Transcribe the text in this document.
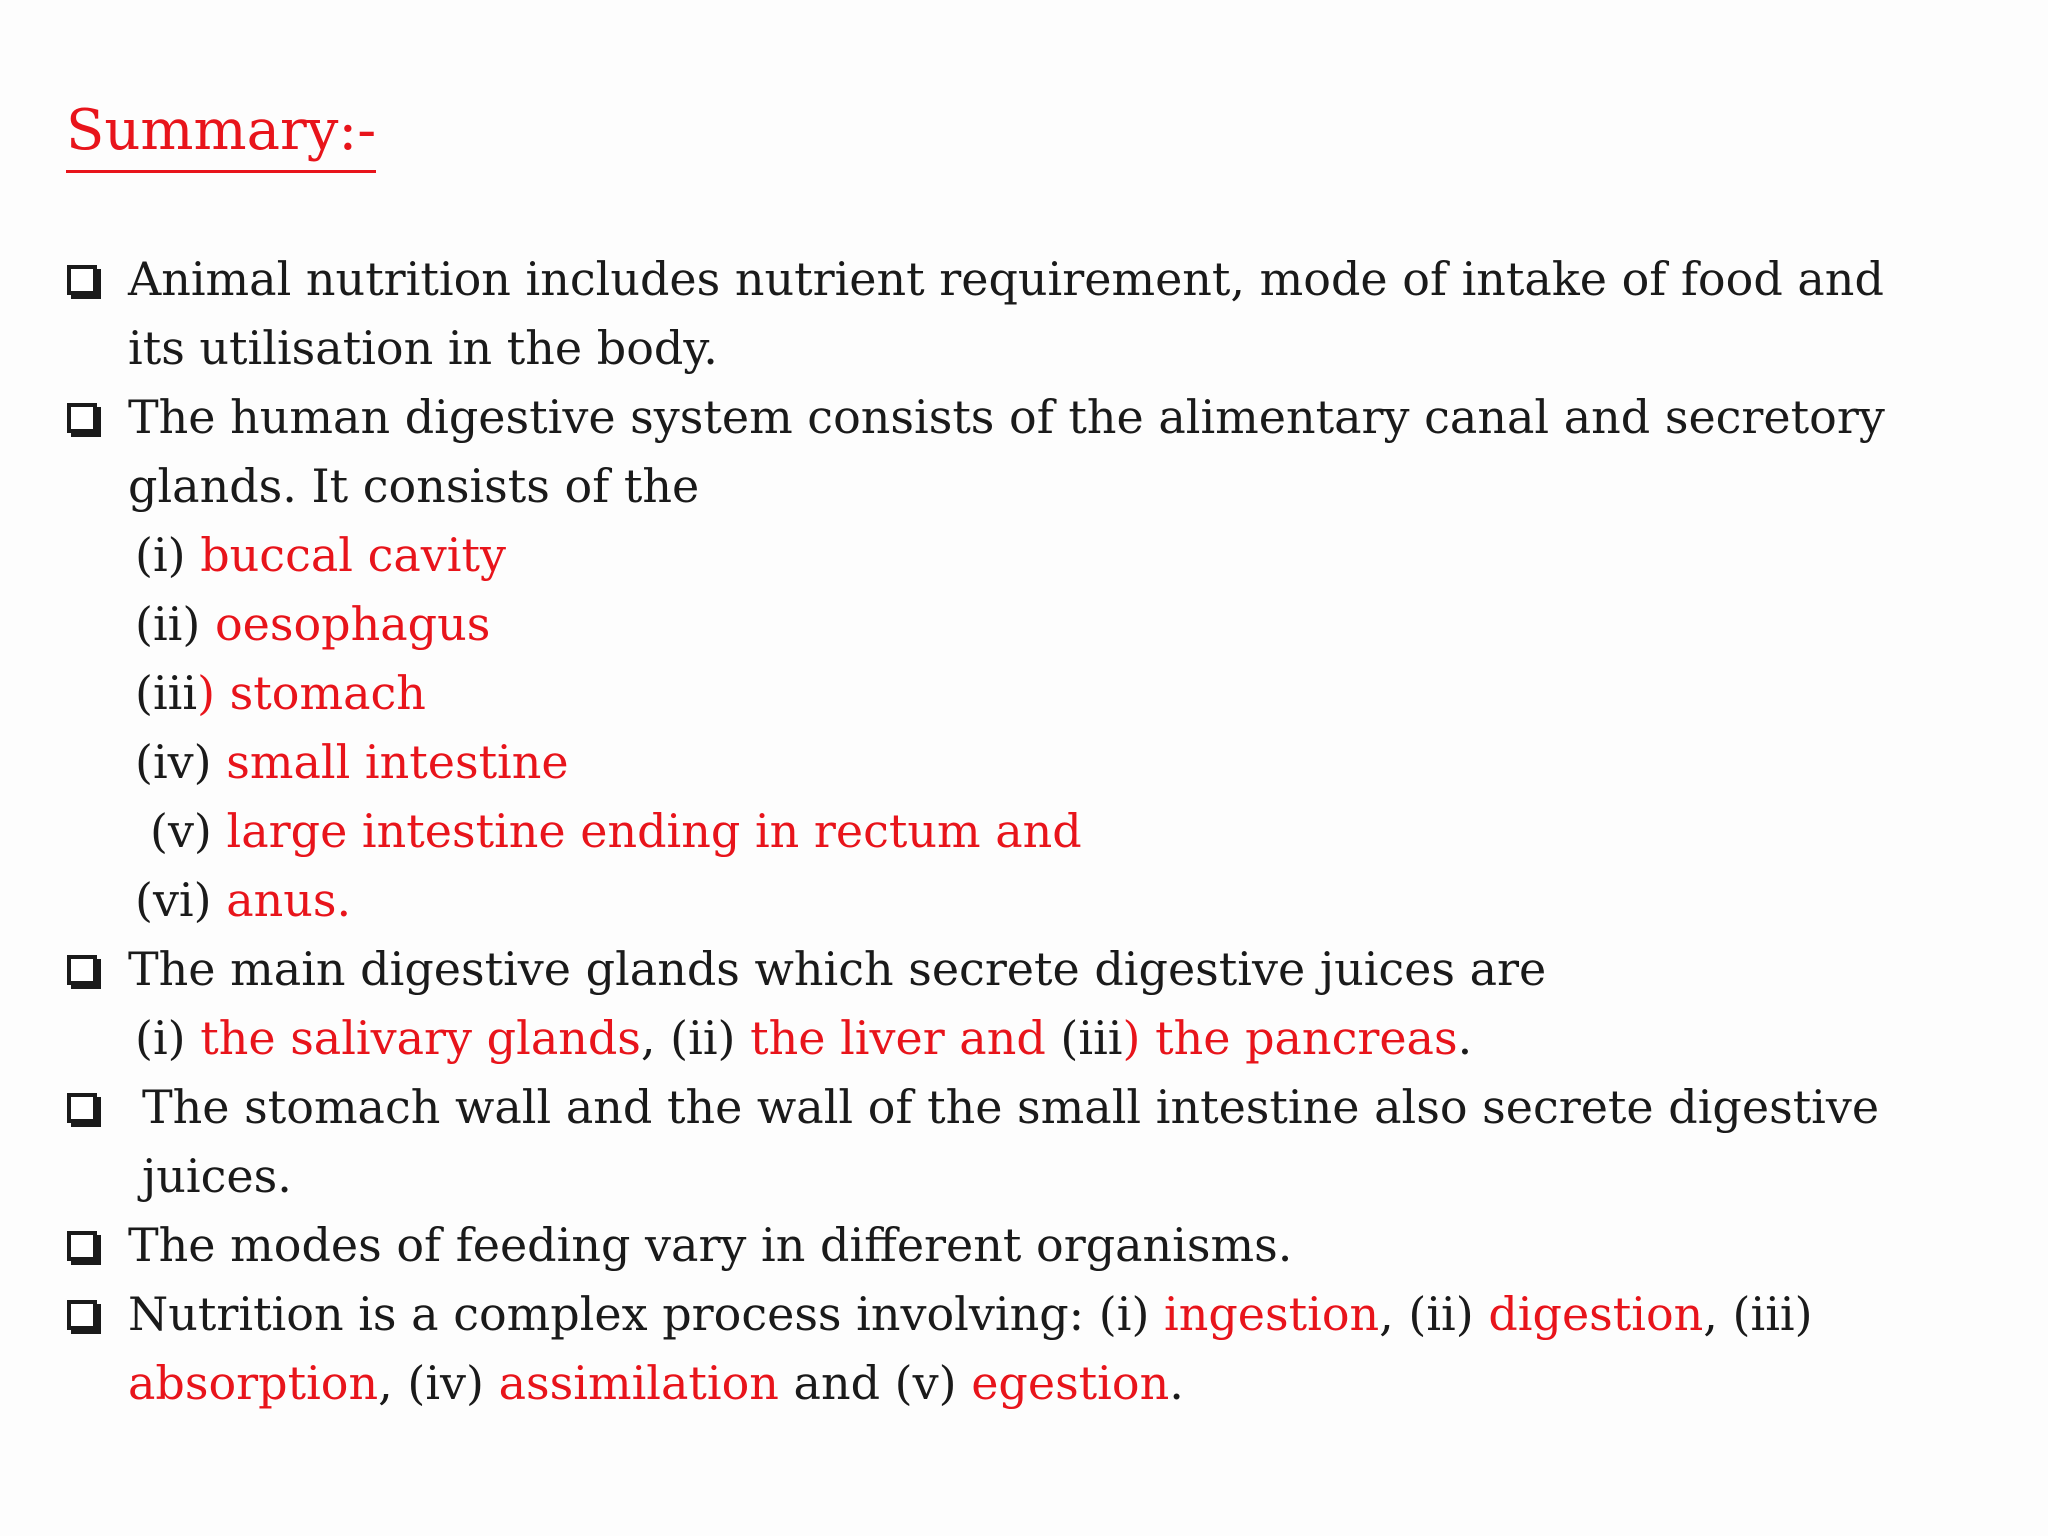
Summary:-
Animal nutrition includes nutrient requirement, mode of intake of food and
its utilisation in the body.
The human digestive system consists of the alimentary canal and secretory
glands. It consists of the
(i) buccal cavity
(ii) oesophagus
(iii) stomach
(iv) small intestine
(v) large intestine ending in rectum and
(vi) anus.
The main digestive glands which secrete digestive juices are
(i) the salivary glands, (ii) the liver and (iii) the pancreas.
The stomach wall and the wall of the small intestine also secrete digestive
juices.
The modes of feeding vary in different organisms.
Nutrition is a complex process involving: (i) ingestion, (ii) digestion, (iii)
absorption, (iv) assimilation and (v) egestion.
